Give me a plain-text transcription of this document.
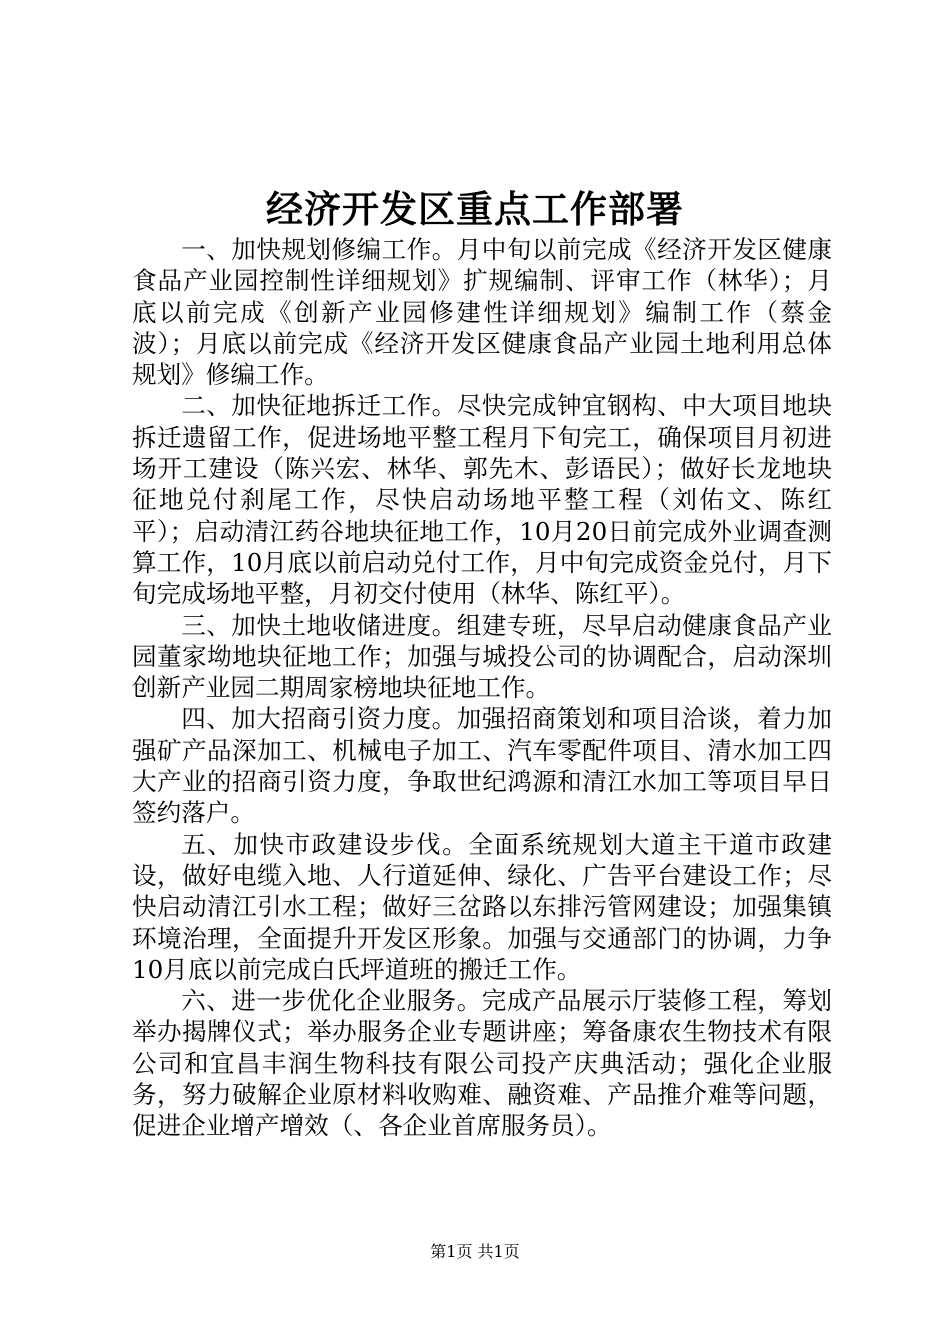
经济开发区重点工作部署

一、加快规划修编工作。月中旬以前完成《经济开发区健康食品产业园控制性详细规划》扩规编制、评审工作（林华）；月底以前完成《创新产业园修建性详细规划》编制工作（蔡金波）；月底以前完成《经济开发区健康食品产业园土地利用总体规划》修编工作。

二、加快征地拆迁工作。尽快完成钟宜钢构、中大项目地块拆迁遗留工作，促进场地平整工程月下旬完工，确保项目月初进场开工建设（陈兴宏、林华、郭先木、彭语民）；做好长龙地块征地兑付刹尾工作，尽快启动场地平整工程（刘佑文、陈红平）；启动清江药谷地块征地工作，10月20日前完成外业调查测算工作，10月底以前启动兑付工作，月中旬完成资金兑付，月下旬完成场地平整，月初交付使用（林华、陈红平）。

三、加快土地收储进度。组建专班，尽早启动健康食品产业园董家坳地块征地工作；加强与城投公司的协调配合，启动深圳创新产业园二期周家榜地块征地工作。

四、加大招商引资力度。加强招商策划和项目洽谈，着力加强矿产品深加工、机械电子加工、汽车零配件项目、清水加工四大产业的招商引资力度，争取世纪鸿源和清江水加工等项目早日签约落户。

五、加快市政建设步伐。全面系统规划大道主干道市政建设，做好电缆入地、人行道延伸、绿化、广告平台建设工作；尽快启动清江引水工程；做好三岔路以东排污管网建设；加强集镇环境治理，全面提升开发区形象。加强与交通部门的协调，力争10月底以前完成白氏坪道班的搬迁工作。

六、进一步优化企业服务。完成产品展示厅装修工程，筹划举办揭牌仪式；举办服务企业专题讲座；筹备康农生物技术有限公司和宜昌丰润生物科技有限公司投产庆典活动；强化企业服务，努力破解企业原材料收购难、融资难、产品推介难等问题，促进企业增产增效（、各企业首席服务员）。

第1页 共1页
